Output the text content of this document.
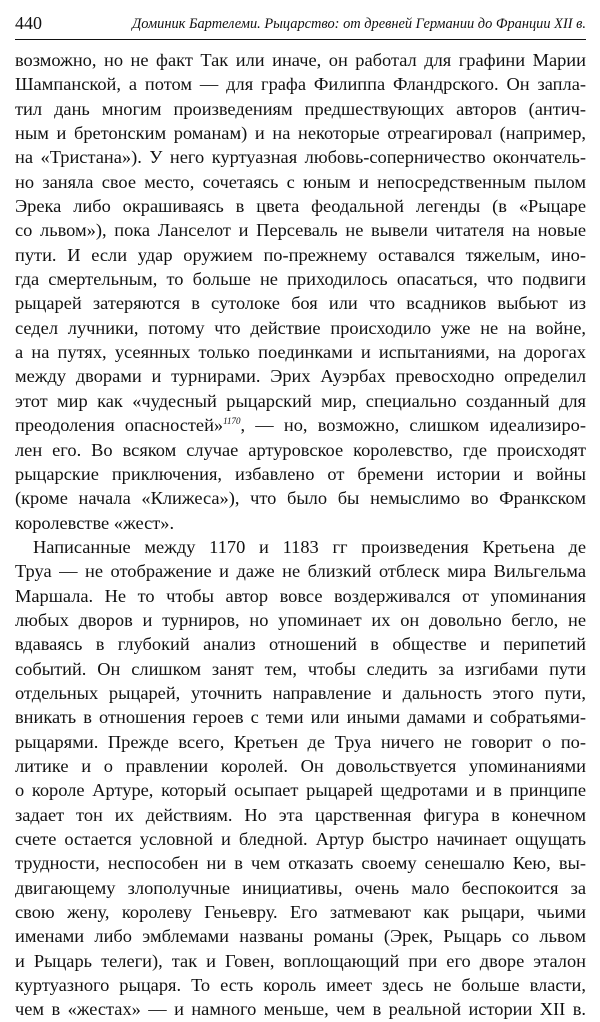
440	Доминик Бартелеми. Рыцарство: от древней Германии до Франции XII в.
возможно, но не факт Так или иначе, он работал для графини Марии
Шампанской, а потом — для графа Филиппа Фландрского. Он запла-
тил дань многим произведениям предшествующих авторов (антич-
ным и бретонским романам) и на некоторые отреагировал (например,
на «Тристана»). У него куртуазная любовь-соперничество окончатель-
но заняла свое место, сочетаясь с юным и непосредственным пылом
Эрека либо окрашиваясь в цвета феодальной легенды (в «Рыцаре
со львом»), пока Ланселот и Персеваль не вывели читателя на новые
пути. И если удар оружием по-прежнему оставался тяжелым, ино-
гда смертельным, то больше не приходилось опасаться, что подвиги
рыцарей затеряются в сутолоке боя или что всадников выбьют из
седел лучники, потому что действие происходило уже не на войне,
а на путях, усеянных только поединками и испытаниями, на дорогах
между дворами и турнирами. Эрих Ауэрбах превосходно определил
этот мир как «чудесный рыцарский мир, специально созданный для
преодоления опасностей»$^{1170}$, — но, возможно, слишком идеализиро-
лен его. Во всяком случае артуровское королевство, где происходят
рыцарские приключения, избавлено от бремени истории и войны
(кроме начала «Клижеса»), что было бы немыслимо во Франкском
королевстве «жест».
Написанные между 1170 и 1183 гг произведения Кретьена де
Труа — не отображение и даже не близкий отблеск мира Вильгельма
Маршала. Не то чтобы автор вовсе воздерживался от упоминания
любых дворов и турниров, но упоминает их он довольно бегло, не
вдаваясь в глубокий анализ отношений в обществе и перипетий
событий. Он слишком занят тем, чтобы следить за изгибами пути
отдельных рыцарей, уточнить направление и дальность этого пути,
вникать в отношения героев с теми или иными дамами и собратьями-
рыцарями. Прежде всего, Кретьен де Труа ничего не говорит о по-
литике и о правлении королей. Он довольствуется упоминаниями
о короле Артуре, который осыпает рыцарей щедротами и в принципе
задает тон их действиям. Но эта царственная фигура в конечном
счете остается условной и бледной. Артур быстро начинает ощущать
трудности, неспособен ни в чем отказать своему сенешалю Кею, вы-
двигающему злополучные инициативы, очень мало беспокоится за
свою жену, королеву Геньевру. Его затмевают как рыцари, чьими
именами либо эмблемами названы романы (Эрек, Рыцарь со львом
и Рыцарь телеги), так и Говен, воплощающий при его дворе эталон
куртуазного рыцаря. То есть король имеет здесь не больше власти,
чем в «жестах» — и намного меньше, чем в реальной истории XII в.
